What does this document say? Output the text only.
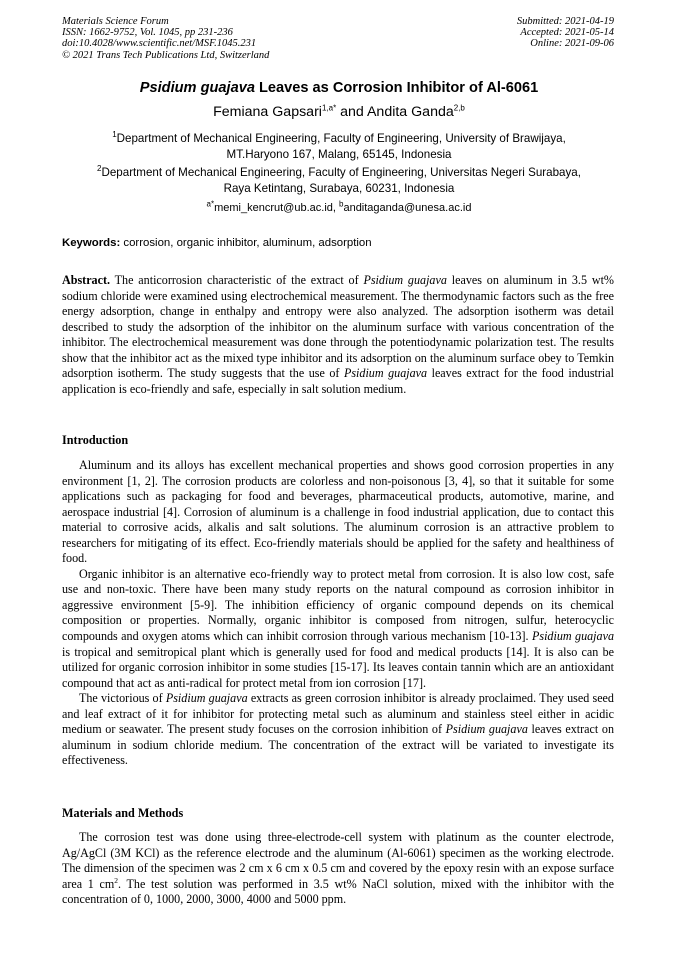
Materials Science Forum
ISSN: 1662-9752, Vol. 1045, pp 231-236
doi:10.4028/www.scientific.net/MSF.1045.231
© 2021 Trans Tech Publications Ltd, Switzerland
Submitted: 2021-04-19
Accepted: 2021-05-14
Online: 2021-09-06
Psidium guajava Leaves as Corrosion Inhibitor of Al-6061
Femiana Gapsari$^{1,a*}$ and Andita Ganda$^{2,b}$
$^1$Department of Mechanical Engineering, Faculty of Engineering, University of Brawijaya,
MT.Haryono 167, Malang, 65145, Indonesia
$^2$Department of Mechanical Engineering, Faculty of Engineering, Universitas Negeri Surabaya,
Raya Ketintang, Surabaya, 60231, Indonesia
$^{a*}$memi_kencrut@ub.ac.id, $^b$anditaganda@unesa.ac.id
Keywords: corrosion, organic inhibitor, aluminum, adsorption

Abstract. The anticorrosion characteristic of the extract of Psidium guajava leaves on aluminum in 3.5 wt% sodium chloride were examined using electrochemical measurement. The thermodynamic factors such as the free energy adsorption, change in enthalpy and entropy were also analyzed. The adsorption isotherm was detail described to study the adsorption of the inhibitor on the aluminum surface with various concentration of the inhibitor. The electrochemical measurement was done through the potentiodynamic polarization test. The results show that the inhibitor act as the mixed type inhibitor and its adsorption on the aluminum surface obey to Temkin adsorption isotherm. The study suggests that the use of Psidium guajava leaves extract for the food industrial application is eco-friendly and safe, especially in salt solution medium.

Introduction

Aluminum and its alloys has excellent mechanical properties and shows good corrosion properties in any environment [1, 2]. The corrosion products are colorless and non-poisonous [3, 4], so that it suitable for some applications such as packaging for food and beverages, pharmaceutical products, automotive, marine, and aerospace industrial [4]. Corrosion of aluminum is a challenge in food industrial application, due to contact this material to corrosive acids, alkalis and salt solutions. The aluminum corrosion is an attractive problem to researchers for mitigating of its effect. Eco-friendly materials should be applied for the safety and healthiness of food.

Organic inhibitor is an alternative eco-friendly way to protect metal from corrosion. It is also low cost, safe use and non-toxic. There have been many study reports on the natural compound as corrosion inhibitor in aggressive environment [5-9]. The inhibition efficiency of organic compound depends on its chemical composition or properties. Normally, organic inhibitor is composed from nitrogen, sulfur, heterocyclic compounds and oxygen atoms which can inhibit corrosion through various mechanism [10-13]. Psidium guajava is tropical and semitropical plant which is generally used for food and medical products [14]. It is also can be utilized for organic corrosion inhibitor in some studies [15-17]. Its leaves contain tannin which are an antioxidant compound that act as anti-radical for protect metal from ion corrosion [17].

The victorious of Psidium guajava extracts as green corrosion inhibitor is already proclaimed. They used seed and leaf extract of it for inhibitor for protecting metal such as aluminum and stainless steel either in acidic medium or seawater. The present study focuses on the corrosion inhibition of Psidium guajava leaves extract on aluminum in sodium chloride medium. The concentration of the extract will be variated to investigate its effectiveness.

Materials and Methods

The corrosion test was done using three-electrode-cell system with platinum as the counter electrode, Ag/AgCl (3M KCl) as the reference electrode and the aluminum (Al-6061) specimen as the working electrode. The dimension of the specimen was 2 cm x 6 cm x 0.5 cm and covered by the epoxy resin with an expose surface area 1 $cm^2$. The test solution was performed in 3.5 wt% NaCl solution, mixed with the inhibitor with the concentration of 0, 1000, 2000, 3000, 4000 and 5000 ppm.
